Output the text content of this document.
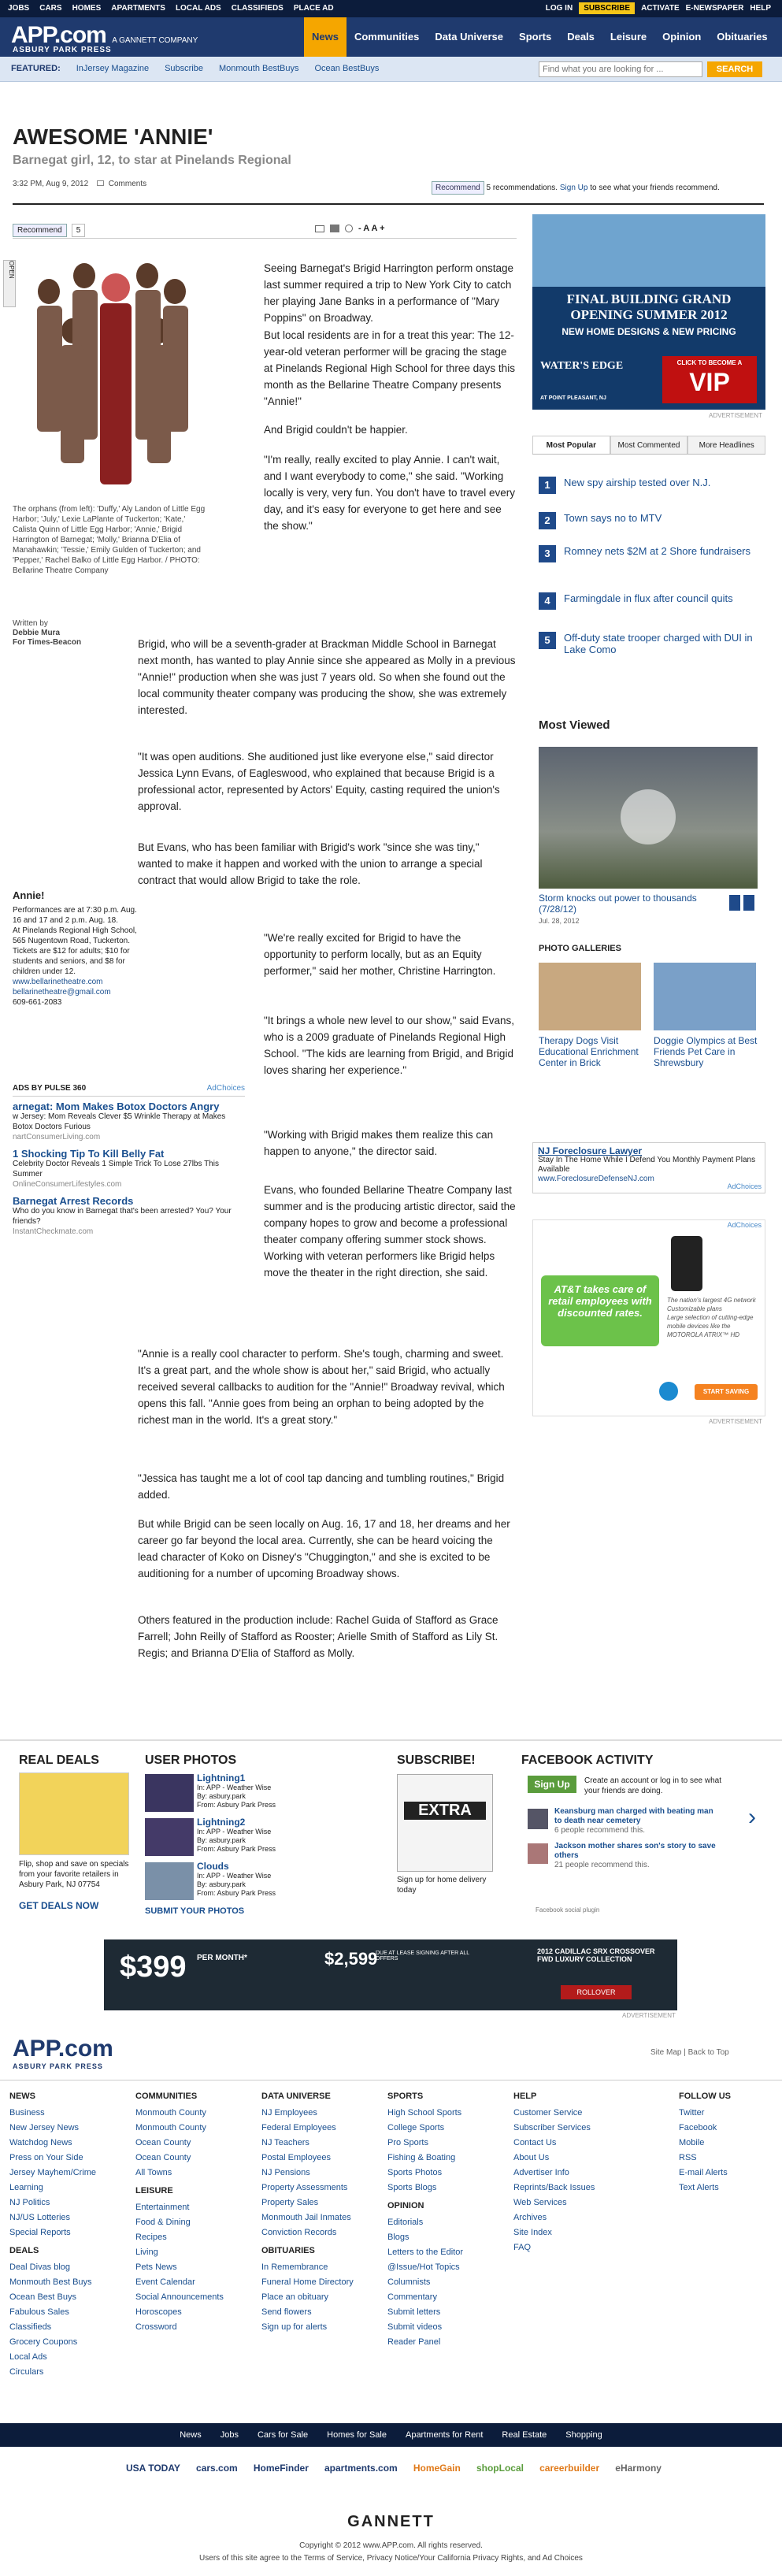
JOBS CARS HOMES APARTMENTS LOCAL ADS CLASSIFIEDS PLACE AD	LOG IN	SUBSCRIBE	ACTIVATE E-NEWSPAPER HELP
APP.com A GANNETT COMPANY
ASBURY PARK PRESS
News	Communities	Data Universe	Sports	Deals	Leisure	Opinion	Obituaries
FEATURED: InJersey Magazine Subscribe Monmouth BestBuys Ocean BestBuys
Find what you are looking for ...	SEARCH
AWESOME 'ANNIE'
Barnegat girl, 12, to star at Pinelands Regional
3:32 PM, Aug 9, 2012	Comments	Recommend 5 recommendations. Sign Up to see what your friends recommend.
Recommend	5	- A A +
OPEN
The orphans (from left): 'Duffy,' Aly Landon of Little Egg Harbor; 'July,' Lexie LaPlante of Tuckerton; 'Kate,' Calista Quinn of Little Egg Harbor; 'Annie,' Brigid Harrington of Barnegat; 'Molly,' Brianna D'Elia of Manahawkin; 'Tessie,' Emily Gulden of Tuckerton; and 'Pepper,' Rachel Balko of Little Egg Harbor. / PHOTO: Bellarine Theatre Company
Written by
Debbie Mura
For Times-Beacon
Seeing Barnegat's Brigid Harrington perform onstage last summer required a trip to New York City to catch her playing Jane Banks in a performance of "Mary Poppins" on Broadway.
But local residents are in for a treat this year: The 12-year-old veteran performer will be gracing the stage at Pinelands Regional High School for three days this month as the Bellarine Theatre Company presents "Annie!"
And Brigid couldn't be happier.
"I'm really, really excited to play Annie. I can't wait, and I want everybody to come," she said. "Working locally is very, very fun. You don't have to travel every day, and it's easy for everyone to get here and see the show."
Brigid, who will be a seventh-grader at Brackman Middle School in Barnegat next month, has wanted to play Annie since she appeared as Molly in a previous "Annie!" production when she was just 7 years old. So when she found out the local community theater company was producing the show, she was extremely interested.
"It was open auditions. She auditioned just like everyone else," said director Jessica Lynn Evans, of Eagleswood, who explained that because Brigid is a professional actor, represented by Actors' Equity, casting required the union's approval.
But Evans, who has been familiar with Brigid's work "since she was tiny," wanted to make it happen and worked with the union to arrange a special contract that would allow Brigid to take the role.
"We're really excited for Brigid to have the opportunity to perform locally, but as an Equity performer," said her mother, Christine Harrington.
"It brings a whole new level to our show," said Evans, who is a 2009 graduate of Pinelands Regional High School. "The kids are learning from Brigid, and Brigid loves sharing her experience."
"Working with Brigid makes them realize this can happen to anyone," the director said.
Evans, who founded Bellarine Theatre Company last summer and is the producing artistic director, said the company hopes to grow and become a professional theater company offering summer stock shows. Working with veteran performers like Brigid helps move the theater in the right direction, she said.
"Annie is a really cool character to perform. She's tough, charming and sweet. It's a great part, and the whole show is about her," said Brigid, who actually received several callbacks to audition for the "Annie!" Broadway revival, which opens this fall. "Annie goes from being an orphan to being adopted by the richest man in the world. It's a great story."
"Jessica has taught me a lot of cool tap dancing and tumbling routines," Brigid added.
But while Brigid can be seen locally on Aug. 16, 17 and 18, her dreams and her career go far beyond the local area. Currently, she can be heard voicing the lead character of Koko on Disney's "Chuggington," and she is excited to be auditioning for a number of upcoming Broadway shows.
Others featured in the production include: Rachel Guida of Stafford as Grace Farrell; John Reilly of Stafford as Rooster; Arielle Smith of Stafford as Lily St. Regis; and Brianna D'Elia of Stafford as Molly.
Annie!
Performances are at 7:30 p.m. Aug. 16 and 17 and 2 p.m. Aug. 18.
At Pinelands Regional High School, 565 Nugentown Road, Tuckerton.
Tickets are $12 for adults; $10 for students and seniors, and $8 for children under 12.
www.bellarinetheatre.com
bellarinetheatre@gmail.com
609-661-2083
ADS BY PULSE 360	AdChoices
arnegat: Mom Makes Botox Doctors Angry
w Jersey: Mom Reveals Clever $5 Wrinkle Therapy at Makes Botox Doctors Furious
nartConsumerLiving.com
1 Shocking Tip To Kill Belly Fat
Celebrity Doctor Reveals 1 Simple Trick To Lose 27lbs This Summer
OnlineConsumerLifestyles.com
Barnegat Arrest Records
Who do you know in Barnegat that's been arrested? You? Your friends?
InstantCheckmate.com
FINAL BUILDING GRAND
OPENING SUMMER 2012
NEW HOME DESIGNS & NEW PRICING
WATER'S EDGE
AT POINT PLEASANT, NJ
CLICK TO BECOME A
VIP
ADVERTISEMENT
Most Popular	Most Commented	More Headlines
1	New spy airship tested over N.J.
2	Town says no to MTV
3	Romney nets $2M at 2 Shore fundraisers
4	Farmingdale in flux after council quits
5	Off-duty state trooper charged with DUI in Lake Como
Most Viewed
Storm knocks out power to thousands (7/28/12)
Jul. 28, 2012
PHOTO GALLERIES
Therapy Dogs Visit Educational Enrichment Center in Brick
Doggie Olympics at Best Friends Pet Care in Shrewsbury
NJ Foreclosure Lawyer
Stay In The Home While I Defend You Monthly Payment Plans Available
www.ForeclosureDefenseNJ.com
AdChoices
AT&T takes care of retail employees with discounted rates.
The nation's largest 4G network
Customizable plans
Large selection of cutting-edge mobile devices like the MOTOROLA ATRIX™ HD
START SAVING NOW
AdChoices
ADVERTISEMENT
REAL DEALS
Flip, shop and save on specials from your favorite retailers in Asbury Park, NJ 07754
GET DEALS NOW
USER PHOTOS
Lightning1
In: APP - Weather Wise
By: asbury.park
From: Asbury Park Press
Lightning2
In: APP - Weather Wise
By: asbury.park
From: Asbury Park Press
Clouds
In: APP - Weather Wise
By: asbury.park
From: Asbury Park Press
SUBMIT YOUR PHOTOS
SUBSCRIBE!
EXTRA
Sign up for home delivery today
FACEBOOK ACTIVITY
Sign Up	Create an account or log in to see what your friends are doing.
Keansburg man charged with beating man to death near cemetery
6 people recommend this.
Jackson mother shares son's story to save others
21 people recommend this.
Facebook social plugin
›
$399 PER MONTH*	$2,599
DUE AT LEASE SIGNING AFTER ALL OFFERS
2012 CADILLAC SRX CROSSOVER FWD LUXURY COLLECTION
ROLLOVER
ADVERTISEMENT
APP.com
ASBURY PARK PRESS
Site Map | Back to Top
NEWS
Business
New Jersey News
Watchdog News
Press on Your Side
Jersey Mayhem/Crime
Learning
NJ Politics
NJ/US Lotteries
Special Reports
DEALS
Deal Divas blog
Monmouth Best Buys
Ocean Best Buys
Fabulous Sales
Classifieds
Grocery Coupons
Local Ads
Circulars
COMMUNITIES
Monmouth County
Monmouth County
Ocean County
Ocean County
All Towns
LEISURE
Entertainment
Food & Dining
Recipes
Living
Pets News
Event Calendar
Social Announcements
Horoscopes
Crossword
DATA UNIVERSE
NJ Employees
Federal Employees
NJ Teachers
Postal Employees
NJ Pensions
Property Assessments
Property Sales
Monmouth Jail Inmates
Conviction Records
OBITUARIES
In Remembrance
Funeral Home Directory
Place an obituary
Send flowers
Sign up for alerts
SPORTS
High School Sports
College Sports
Pro Sports
Fishing & Boating
Sports Photos
Sports Blogs
OPINION
Editorials
Blogs
Letters to the Editor
@Issue/Hot Topics
Columnists
Commentary
Submit letters
Submit videos
Reader Panel
HELP
Customer Service
Subscriber Services
Contact Us
About Us
Advertiser Info
Reprints/Back Issues
Web Services
Archives
Site Index
FAQ
FOLLOW US
Twitter
Facebook
Mobile
RSS
E-mail Alerts
Text Alerts
News Jobs Cars for Sale Homes for Sale Apartments for Rent Real Estate Shopping
USA TODAY cars.com HomeFinder apartments.com HomeGain shopLocal careerbuilder eHarmony
GANNETT
Copyright © 2012 www.APP.com. All rights reserved.
Users of this site agree to the Terms of Service, Privacy Notice/Your California Privacy Rights, and Ad Choices
